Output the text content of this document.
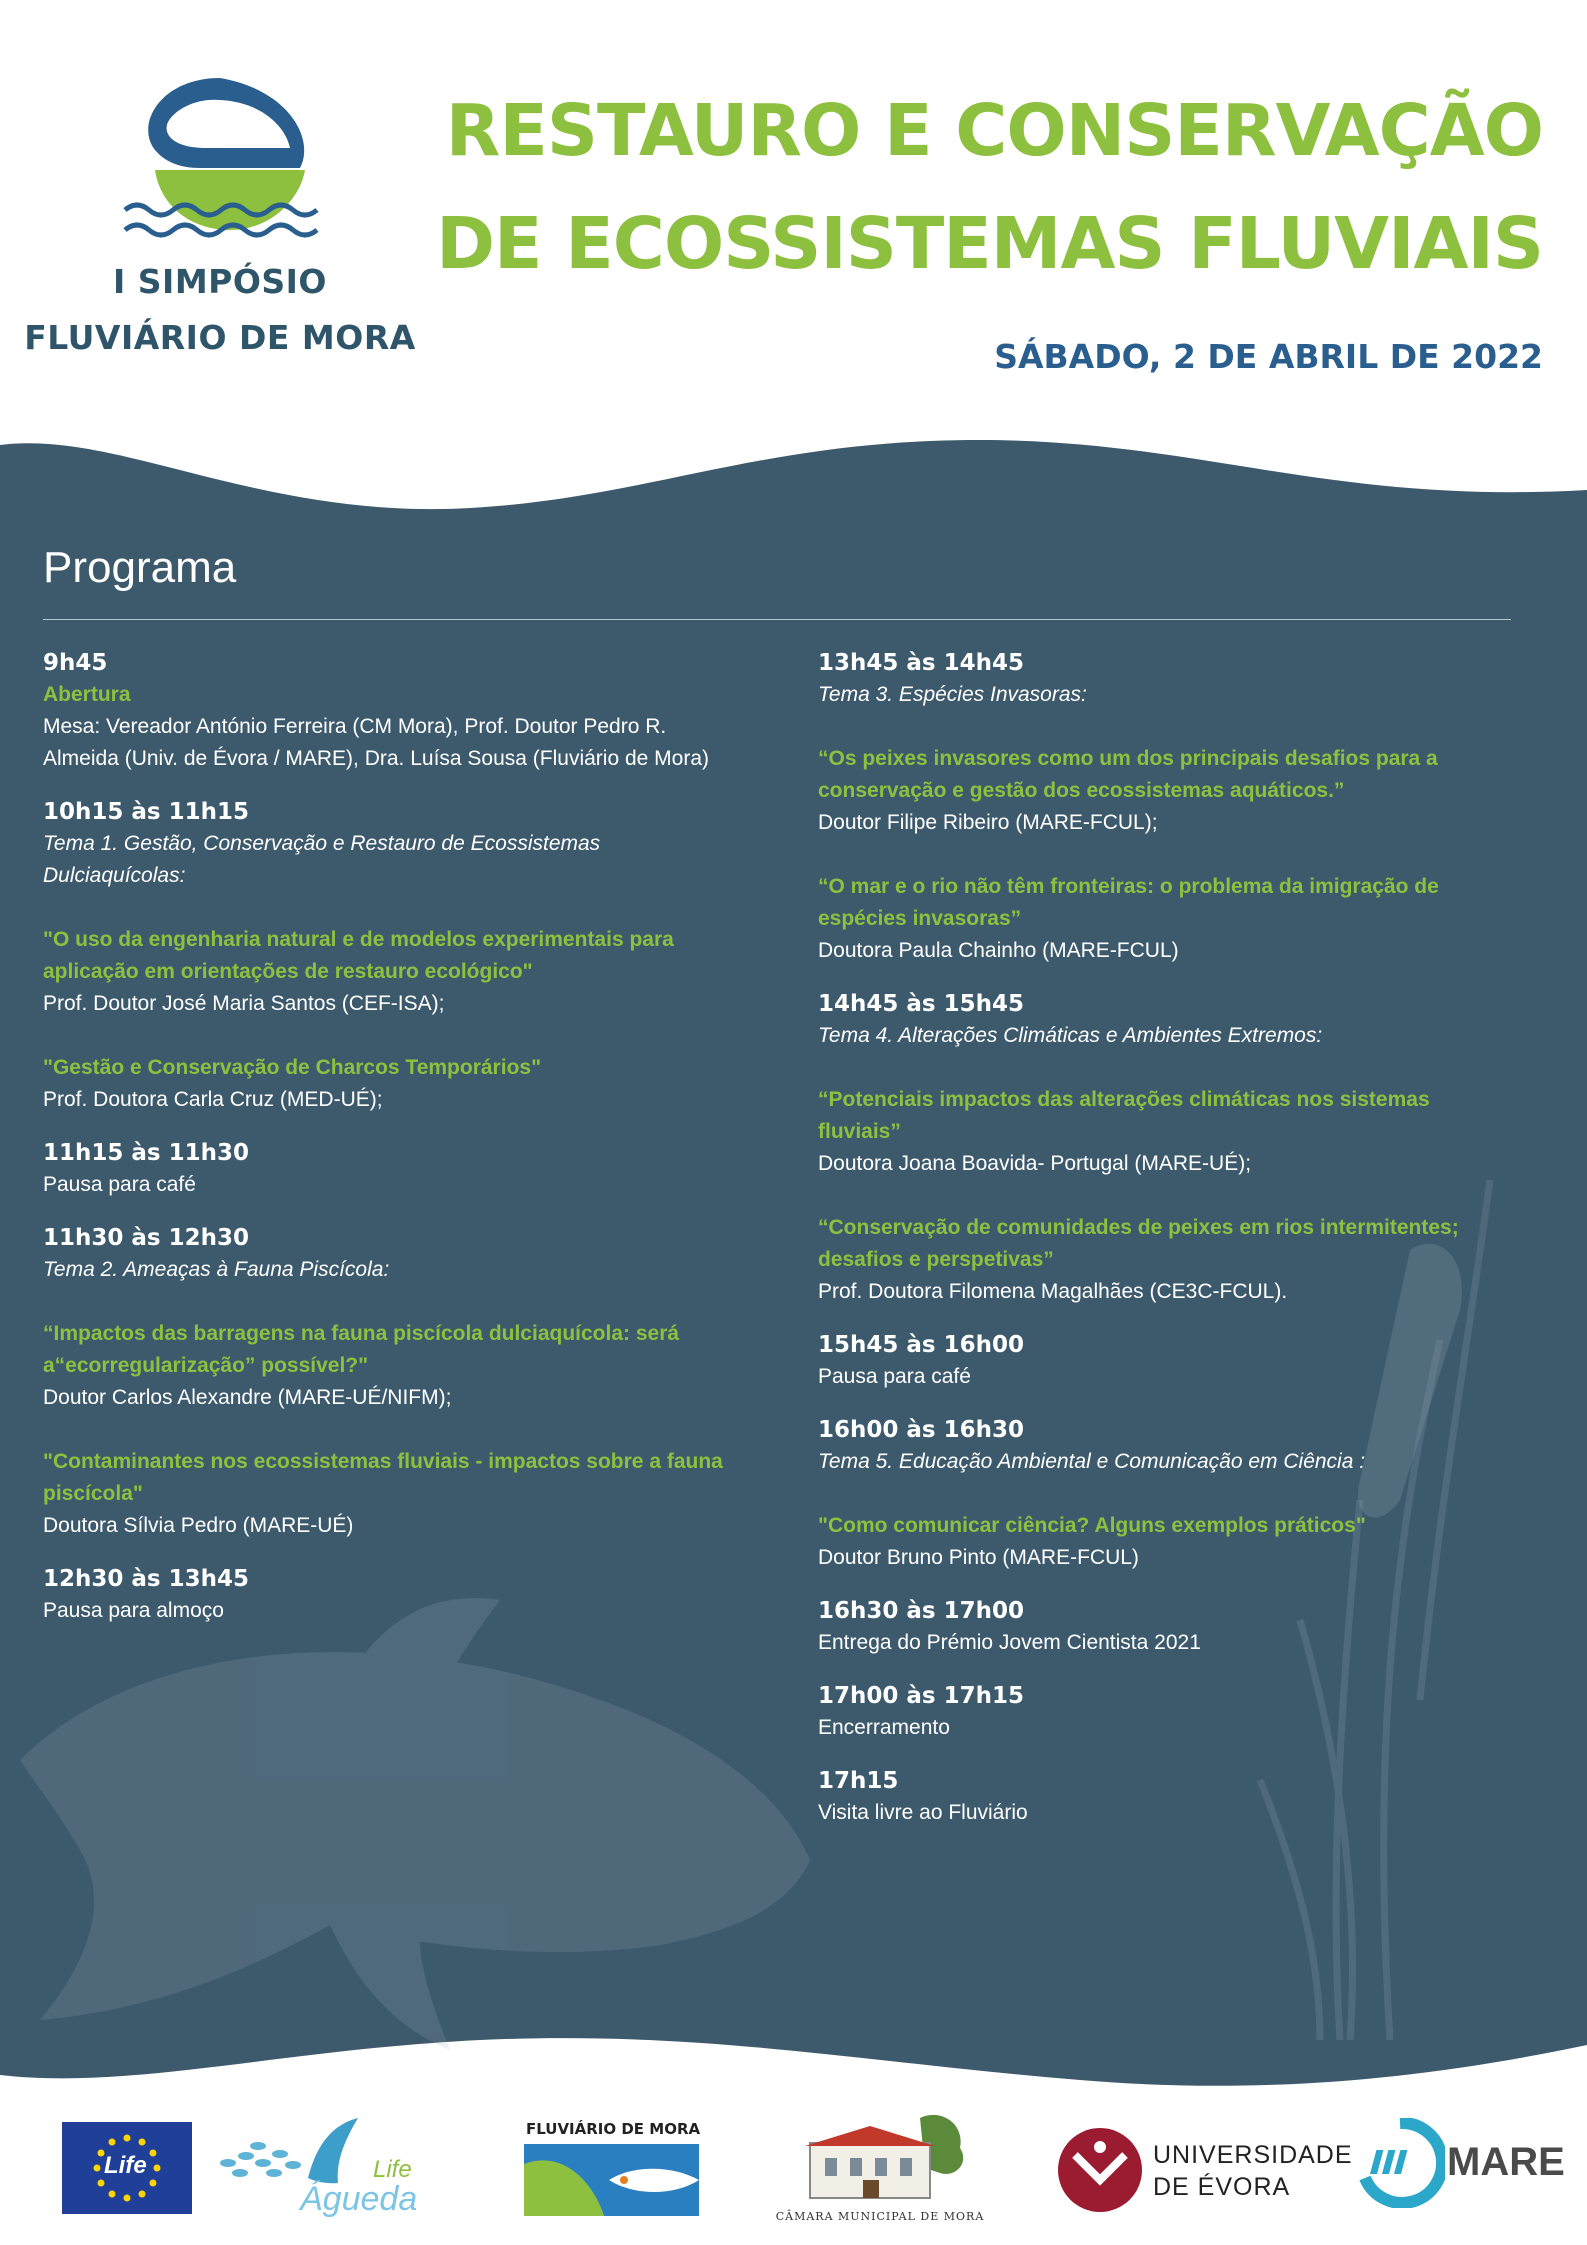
I SIMPÓSIO
FLUVIÁRIO DE MORA
RESTAURO E CONSERVAÇÃO
DE ECOSSISTEMAS FLUVIAIS
SÁBADO, 2 DE ABRIL DE 2022
Programa
9h45
Abertura
Mesa: Vereador António Ferreira (CM Mora), Prof. Doutor Pedro R.
Almeida (Univ. de Évora / MARE), Dra. Luísa Sousa (Fluviário de Mora)
10h15 às 11h15
Tema 1. Gestão, Conservação e Restauro de Ecossistemas
Dulciaquícolas:
"O uso da engenharia natural e de modelos experimentais para
aplicação em orientações de restauro ecológico"
Prof. Doutor José Maria Santos (CEF-ISA);
"Gestão e Conservação de Charcos Temporários"
Prof. Doutora Carla Cruz (MED-UÉ);
11h15 às 11h30
Pausa para café
11h30 às 12h30
Tema 2. Ameaças à Fauna Piscícola:
“Impactos das barragens na fauna piscícola dulciaquícola: será
a“ecorregularização” possível?"
Doutor Carlos Alexandre (MARE-UÉ/NIFM);
"Contaminantes nos ecossistemas fluviais - impactos sobre a fauna
piscícola"
Doutora Sílvia Pedro (MARE-UÉ)
12h30 às 13h45
Pausa para almoço
13h45 às 14h45
Tema 3. Espécies Invasoras:
“Os peixes invasores como um dos principais desafios para a
conservação e gestão dos ecossistemas aquáticos.”
Doutor Filipe Ribeiro (MARE-FCUL);
“O mar e o rio não têm fronteiras: o problema da imigração de
espécies invasoras”
Doutora Paula Chainho (MARE-FCUL)
14h45 às 15h45
Tema 4. Alterações Climáticas e Ambientes Extremos:
“Potenciais impactos das alterações climáticas nos sistemas
fluviais”
Doutora Joana Boavida- Portugal (MARE-UÉ);
“Conservação de comunidades de peixes em rios intermitentes;
desafios e perspetivas”
Prof. Doutora Filomena Magalhães (CE3C-FCUL).
15h45 às 16h00
Pausa para café
16h00 às 16h30
Tema 5. Educação Ambiental e Comunicação em Ciência :
"Como comunicar ciência? Alguns exemplos práticos"
Doutor Bruno Pinto (MARE-FCUL)
16h30 às 17h00
Entrega do Prémio Jovem Cientista 2021
17h00 às 17h15
Encerramento
17h15
Visita livre ao Fluviário
Life	Life
Águeda
FLUVIÁRIO DE MORA
CÂMARA MUNICIPAL DE MORA
UNIVERSIDADE
DE ÉVORA
MARE
